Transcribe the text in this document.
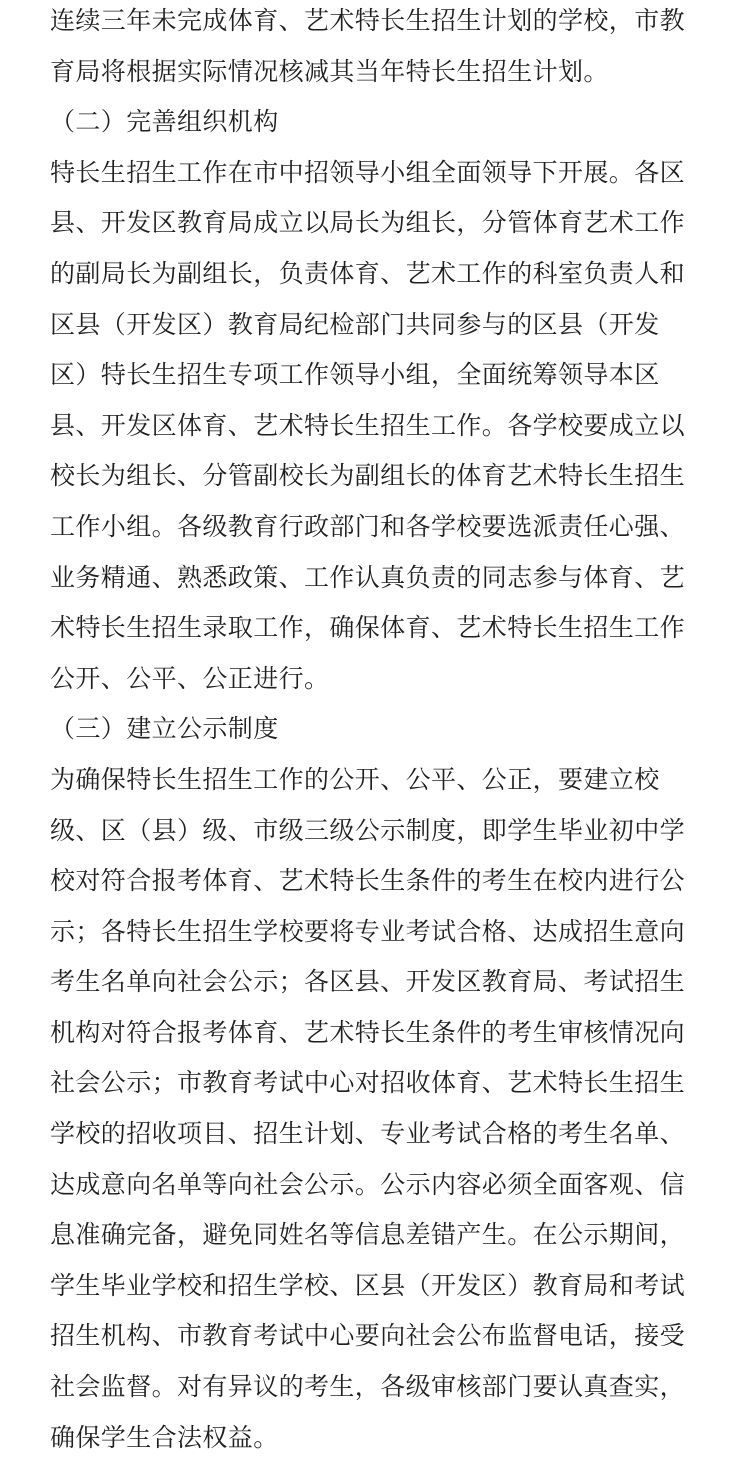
连续三年未完成体育、艺术特长生招生计划的学校，市教
育局将根据实际情况核减其当年特长生招生计划。
（二）完善组织机构
特长生招生工作在市中招领导小组全面领导下开展。各区
县、开发区教育局成立以局长为组长，分管体育艺术工作
的副局长为副组长，负责体育、艺术工作的科室负责人和
区县（开发区）教育局纪检部门共同参与的区县（开发
区）特长生招生专项工作领导小组，全面统筹领导本区
县、开发区体育、艺术特长生招生工作。各学校要成立以
校长为组长、分管副校长为副组长的体育艺术特长生招生
工作小组。各级教育行政部门和各学校要选派责任心强、
业务精通、熟悉政策、工作认真负责的同志参与体育、艺
术特长生招生录取工作，确保体育、艺术特长生招生工作
公开、公平、公正进行。
（三）建立公示制度
为确保特长生招生工作的公开、公平、公正，要建立校
级、区（县）级、市级三级公示制度，即学生毕业初中学
校对符合报考体育、艺术特长生条件的考生在校内进行公
示；各特长生招生学校要将专业考试合格、达成招生意向
考生名单向社会公示；各区县、开发区教育局、考试招生
机构对符合报考体育、艺术特长生条件的考生审核情况向
社会公示；市教育考试中心对招收体育、艺术特长生招生
学校的招收项目、招生计划、专业考试合格的考生名单、
达成意向名单等向社会公示。公示内容必须全面客观、信
息准确完备，避免同姓名等信息差错产生。在公示期间，
学生毕业学校和招生学校、区县（开发区）教育局和考试
招生机构、市教育考试中心要向社会公布监督电话，接受
社会监督。对有异议的考生，各级审核部门要认真查实，
确保学生合法权益。
